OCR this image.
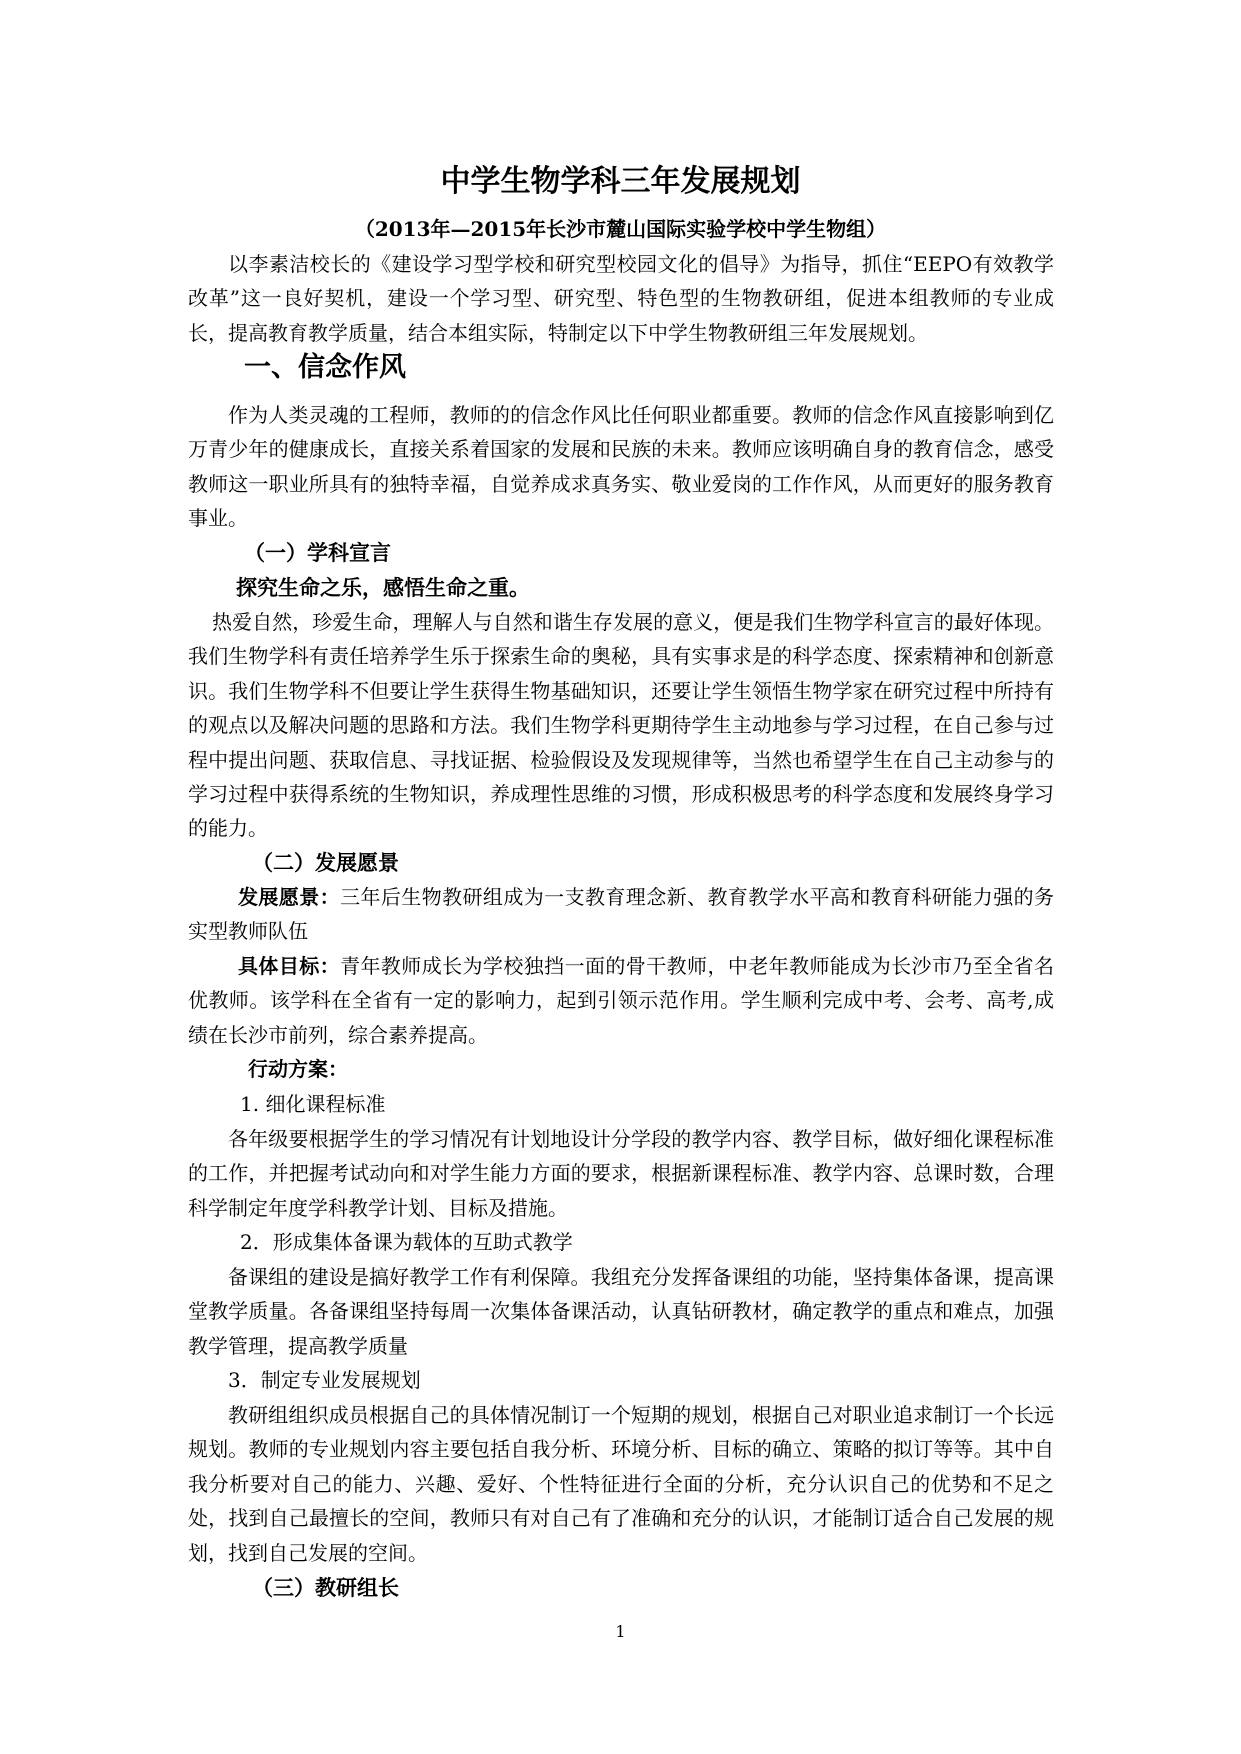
中学生物学科三年发展规划

（2013年—2015年长沙市麓山国际实验学校中学生物组）

以李素洁校长的《建设学习型学校和研究型校园文化的倡导》为指导，抓住“EEPO有效教学改革”这一良好契机，建设一个学习型、研究型、特色型的生物教研组，促进本组教师的专业成长，提高教育教学质量，结合本组实际，特制定以下中学生物教研组三年发展规划。

一、信念作风

作为人类灵魂的工程师，教师的的信念作风比任何职业都重要。教师的信念作风直接影响到亿万青少年的健康成长，直接关系着国家的发展和民族的未来。教师应该明确自身的教育信念，感受教师这一职业所具有的独特幸福，自觉养成求真务实、敬业爱岗的工作作风，从而更好的服务教育事业。

（一）学科宣言

探究生命之乐，感悟生命之重。

热爱自然，珍爱生命，理解人与自然和谐生存发展的意义，便是我们生物学科宣言的最好体现。我们生物学科有责任培养学生乐于探索生命的奥秘，具有实事求是的科学态度、探索精神和创新意识。我们生物学科不但要让学生获得生物基础知识，还要让学生领悟生物学家在研究过程中所持有的观点以及解决问题的思路和方法。我们生物学科更期待学生主动地参与学习过程，在自己参与过程中提出问题、获取信息、寻找证据、检验假设及发现规律等，当然也希望学生在自己主动参与的学习过程中获得系统的生物知识，养成理性思维的习惯，形成积极思考的科学态度和发展终身学习的能力。

（二）发展愿景

发展愿景：三年后生物教研组成为一支教育理念新、教育教学水平高和教育科研能力强的务实型教师队伍

具体目标：青年教师成长为学校独挡一面的骨干教师，中老年教师能成为长沙市乃至全省名优教师。该学科在全省有一定的影响力，起到引领示范作用。学生顺利完成中考、会考、高考,成绩在长沙市前列，综合素养提高。

行动方案：

1. 细化课程标准

各年级要根据学生的学习情况有计划地设计分学段的教学内容、教学目标，做好细化课程标准的工作，并把握考试动向和对学生能力方面的要求，根据新课程标准、教学内容、总课时数，合理科学制定年度学科教学计划、目标及措施。

2．形成集体备课为载体的互助式教学

备课组的建设是搞好教学工作有利保障。我组充分发挥备课组的功能，坚持集体备课，提高课堂教学质量。各备课组坚持每周一次集体备课活动，认真钻研教材，确定教学的重点和难点，加强教学管理，提高教学质量

3．制定专业发展规划

教研组组织成员根据自己的具体情况制订一个短期的规划，根据自己对职业追求制订一个长远规划。教师的专业规划内容主要包括自我分析、环境分析、目标的确立、策略的拟订等等。其中自我分析要对自己的能力、兴趣、爱好、个性特征进行全面的分析，充分认识自己的优势和不足之处，找到自己最擅长的空间，教师只有对自己有了准确和充分的认识，才能制订适合自己发展的规划，找到自己发展的空间。

（三）教研组长
1
